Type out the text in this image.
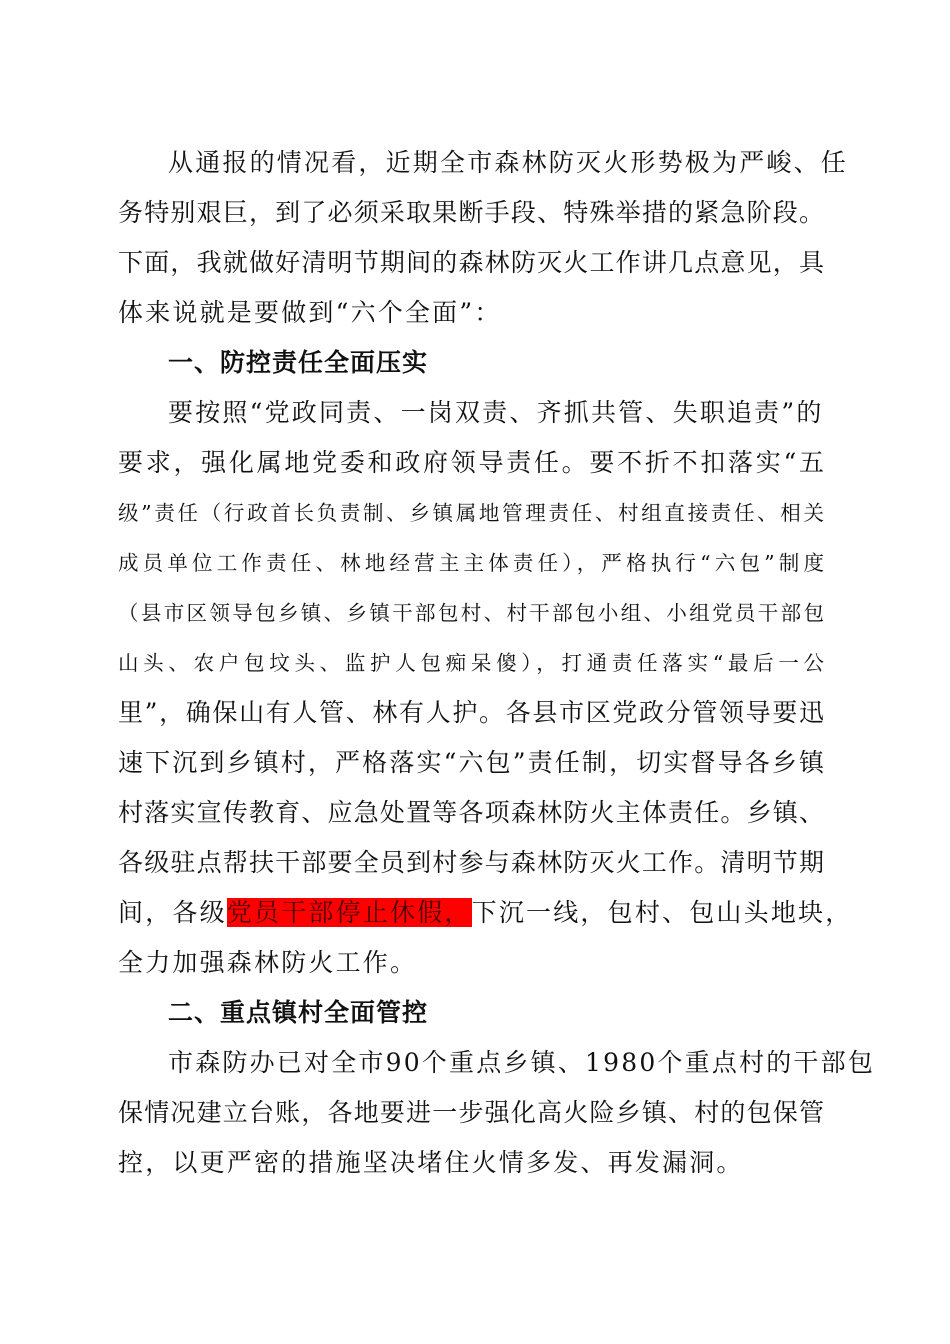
从通报的情况看，近期全市森林防灭火形势极为严峻、任
务特别艰巨，到了必须采取果断手段、特殊举措的紧急阶段。
下面，我就做好清明节期间的森林防灭火工作讲几点意见，具
体来说就是要做到“六个全面”：
一、防控责任全面压实
要按照“党政同责、一岗双责、齐抓共管、失职追责”的
要求，强化属地党委和政府领导责任。要不折不扣落实“五
级”责任（行政首长负责制、乡镇属地管理责任、村组直接责任、相关
成员单位工作责任、林地经营主主体责任），严格执行“六包”制度
（县市区领导包乡镇、乡镇干部包村、村干部包小组、小组党员干部包
山头、农户包坟头、监护人包痴呆傻），打通责任落实“最后一公
里”，确保山有人管、林有人护。各县市区党政分管领导要迅
速下沉到乡镇村，严格落实“六包”责任制，切实督导各乡镇
村落实宣传教育、应急处置等各项森林防火主体责任。乡镇、
各级驻点帮扶干部要全员到村参与森林防灭火工作。清明节期
间，各级党员干部停止休假，下沉一线，包村、包山头地块，
全力加强森林防火工作。
二、重点镇村全面管控
市森防办已对全市90个重点乡镇、1980个重点村的干部包
保情况建立台账，各地要进一步强化高火险乡镇、村的包保管
控，以更严密的措施坚决堵住火情多发、再发漏洞。
